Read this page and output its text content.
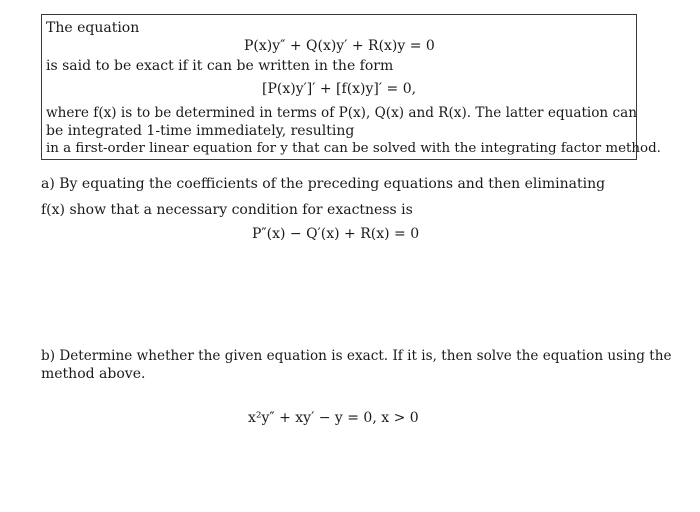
The equation
P(x)y″ + Q(x)y′ + R(x)y = 0
is said to be exact if it can be written in the form
[P(x)y′]′ + [f(x)y]′ = 0,
where f(x) is to be determined in terms of P(x), Q(x) and R(x). The latter equation can
be integrated 1-time immediately, resulting
in a first-order linear equation for y that can be solved with the integrating factor method.
a) By equating the coefficients of the preceding equations and then eliminating
f(x) show that a necessary condition for exactness is
P″(x) − Q′(x) + R(x) = 0
b) Determine whether the given equation is exact. If it is, then solve the equation using the
method above.
x²y″ + xy′ − y = 0, x > 0
